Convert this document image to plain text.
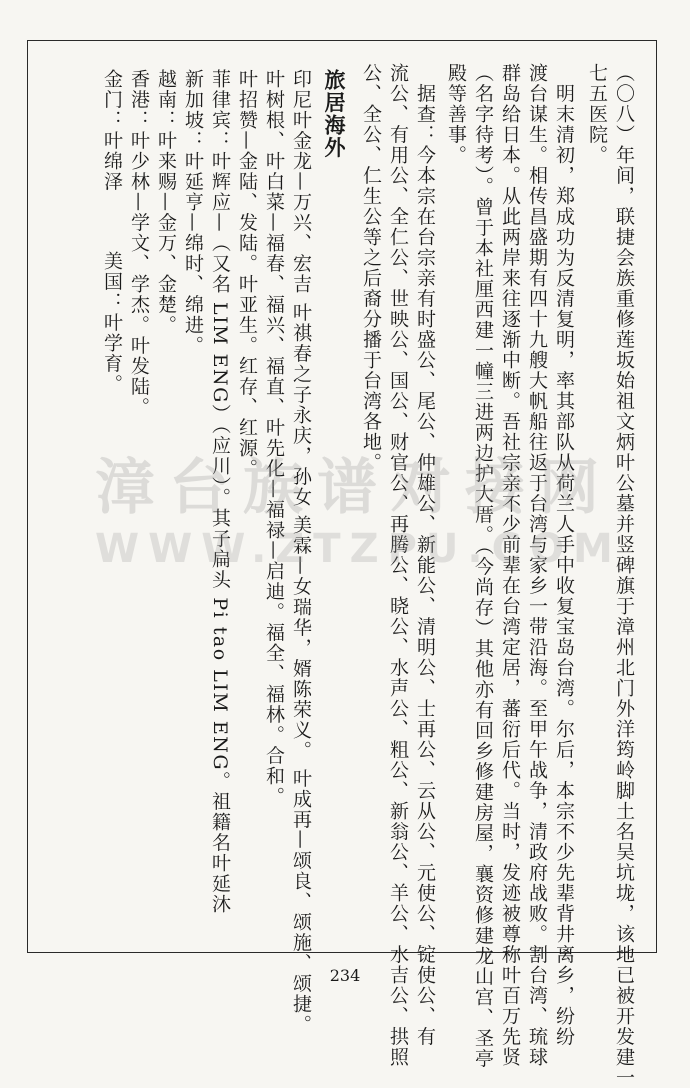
（〇八）年间，联捷会族重修莲坂始祖文炳叶公墓并竖碑旗于漳州北门外洋筠岭脚土名吴坑垅，该地已被开发建一
七五医院。
　明末清初，郑成功为反清复明，率其部队从荷兰人手中收复宝岛台湾。尔后，本宗不少先辈背井离乡，纷纷
渡台谋生。相传昌盛期有四十九艘大帆船往返于台湾与家乡一带沿海。至甲午战争，清政府战败。割台湾、琉球
群岛给日本。从此两岸来往逐渐中断。吾社宗亲不少前辈在台湾定居，蕃衍后代。当时，发迹被尊称叶百万先贤
（名字待考）。曾于本社厘西建一幢三进两边护大厝。（今尚存）其他亦有回乡修建房屋，襄资修建龙山宫、圣亭
殿等善事。
　据查：今本宗在台宗亲有时盛公、尾公、仲雄公、新能公、清明公、士再公、云从公、元使公、锭使公、有
流公、有用公、全仁公、世映公、国公、财官公、再腾公、晓公、水声公、粗公、新翁公、羊公、水吉公、拱照
公、全公、仁生公等之后裔分播于台湾各地。
旅居海外
印尼叶金龙—万兴、宏吉 叶祺春之子永庆，孙女 美霖—女瑞华，婿陈荣义。 叶成再—颂良、颂施、颂捷。
叶树根、叶白菜—福春、福兴、福直、叶先化—福禄—启迪。福全、福林。合和。
叶招赞—金陆、发陆。叶亚生。红存、红源。
菲律宾：叶辉应—（又名 LIM ENG）（应川）。其子扁头 Pi tao LIM ENG。祖籍名叶延沐
新加坡：叶延亨—绵时、绵进。
越南：叶来赐—金万、金楚。
香港：叶少林—学文、学杰。叶发陆。
金门：叶绵泽
美国：叶学育。
漳台族谱对接网
WWW.ZTZPU.COM
234
